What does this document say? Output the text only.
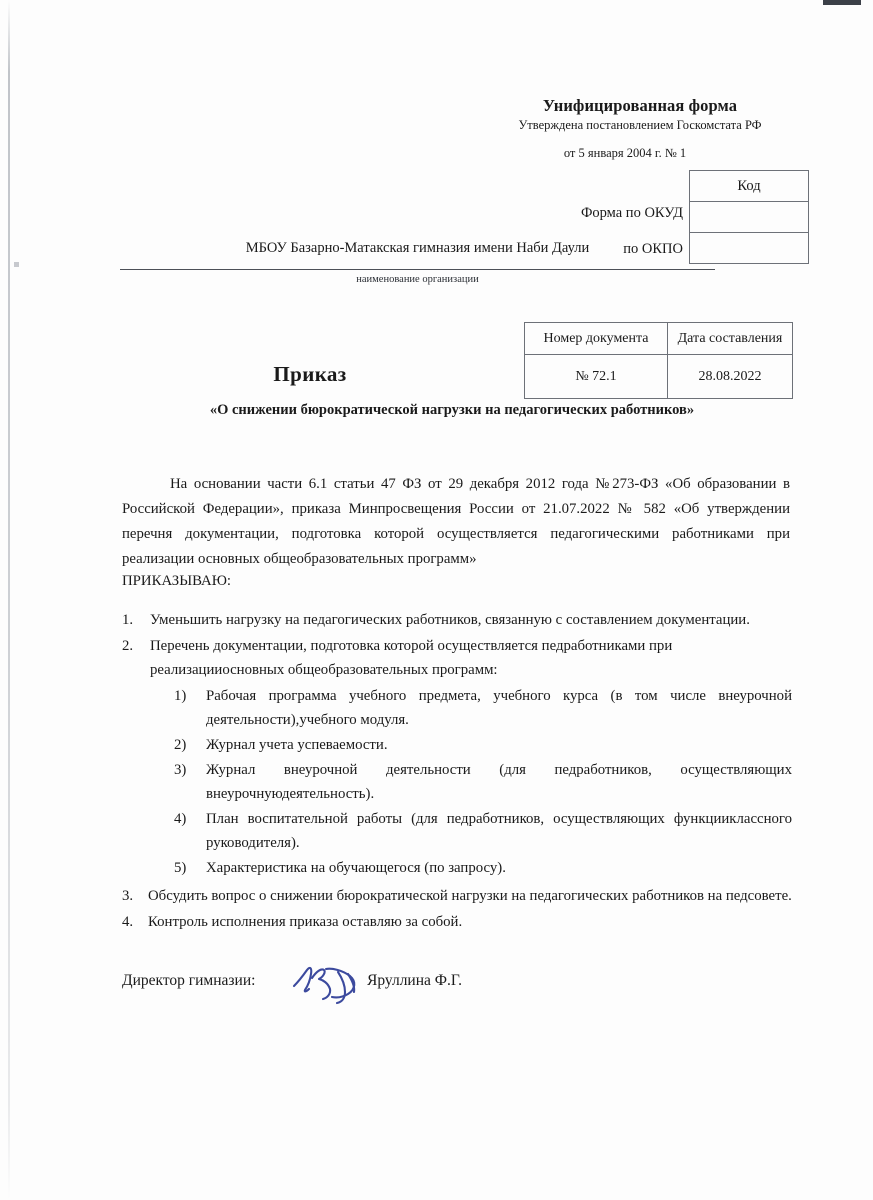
Унифицированная форма
Утверждена постановлением Госкомстата РФ
от 5 января 2004 г. № 1
Форма по ОКУД
по ОКПО
Код

МБОУ Базарно-Матакская гимназия имени Наби Даули
наименование организации
Номер документа	Дата составления
№ 72.1	28.08.2022
Приказ
«О снижении бюрократической нагрузки на педагогических работников»
На основании части 6.1 статьи 47 ФЗ от 29 декабря 2012 года №273-ФЗ «Об образовании в Российской Федерации», приказа Минпросвещения России от 21.07.2022 № 582 «Об утверждении перечня документации, подготовка которой осуществляется педагогическими работниками при реализации основных общеобразовательных программ»
ПРИКАЗЫВАЮ:
1.	Уменьшить нагрузку на педагогических работников, связанную с составлением документации.
2.	Перечень документации, подготовка которой осуществляется педработниками при реализацииосновных общеобразовательных программ:
1)	Рабочая программа учебного предмета, учебного курса (в том числе внеурочной деятельности),учебного модуля.
2)	Журнал учета успеваемости.
3)	Журнал внеурочной деятельности (для педработников, осуществляющих внеурочнуюдеятельность).
4)	План воспитательной работы (для педработников, осуществляющих функцииклассного руководителя).
5)	Характеристика на обучающегося (по запросу).
3.	Обсудить вопрос о снижении бюрократической нагрузки на педагогических работников на педсовете.
4.	Контроль исполнения приказа оставляю за собой.
Директор гимназии:	Яруллина Ф.Г.
